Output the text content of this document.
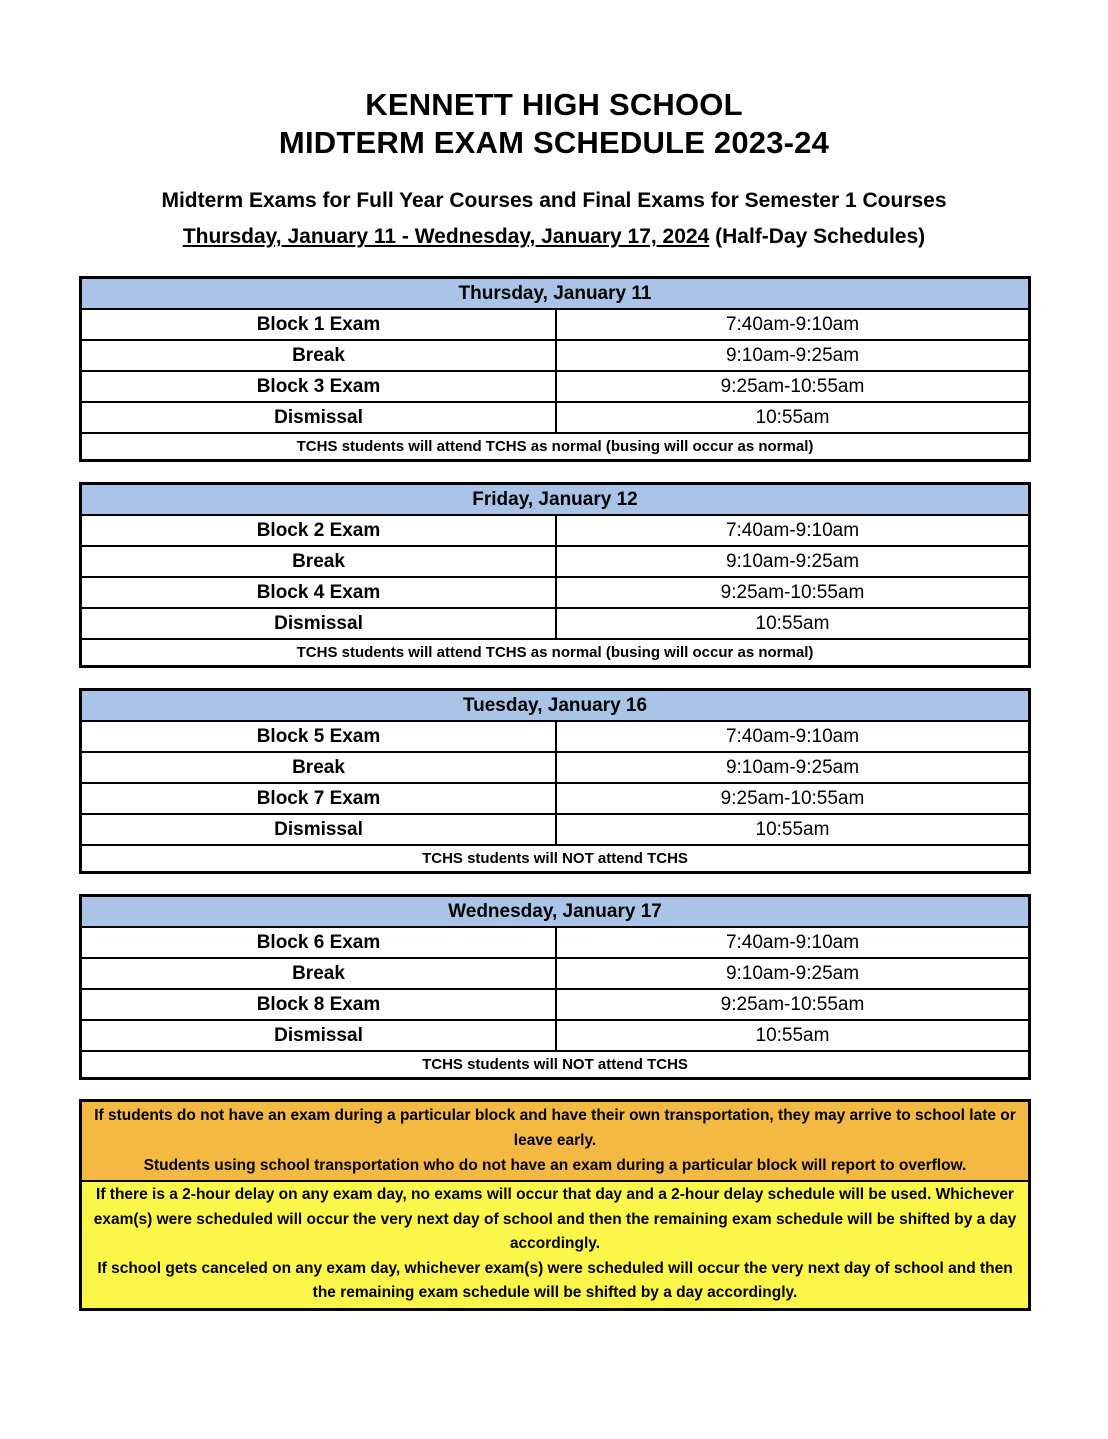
KENNETT HIGH SCHOOL
MIDTERM EXAM SCHEDULE 2023-24
Midterm Exams for Full Year Courses and Final Exams for Semester 1 Courses
Thursday, January 11 - Wednesday, January 17, 2024 (Half-Day Schedules)
Thursday, January 11
Block 1 Exam	7:40am-9:10am
Break	9:10am-9:25am
Block 3 Exam	9:25am-10:55am
Dismissal	10:55am
TCHS students will attend TCHS as normal (busing will occur as normal)
Friday, January 12
Block 2 Exam	7:40am-9:10am
Break	9:10am-9:25am
Block 4 Exam	9:25am-10:55am
Dismissal	10:55am
TCHS students will attend TCHS as normal (busing will occur as normal)
Tuesday, January 16
Block 5 Exam	7:40am-9:10am
Break	9:10am-9:25am
Block 7 Exam	9:25am-10:55am
Dismissal	10:55am
TCHS students will NOT attend TCHS
Wednesday, January 17
Block 6 Exam	7:40am-9:10am
Break	9:10am-9:25am
Block 8 Exam	9:25am-10:55am
Dismissal	10:55am
TCHS students will NOT attend TCHS
If students do not have an exam during a particular block and have their own transportation, they may arrive to school late or leave early.
Students using school transportation who do not have an exam during a particular block will report to overflow.
If there is a 2-hour delay on any exam day, no exams will occur that day and a 2-hour delay schedule will be used. Whichever exam(s) were scheduled will occur the very next day of school and then the remaining exam schedule will be shifted by a day accordingly.
If school gets canceled on any exam day, whichever exam(s) were scheduled will occur the very next day of school and then the remaining exam schedule will be shifted by a day accordingly.
